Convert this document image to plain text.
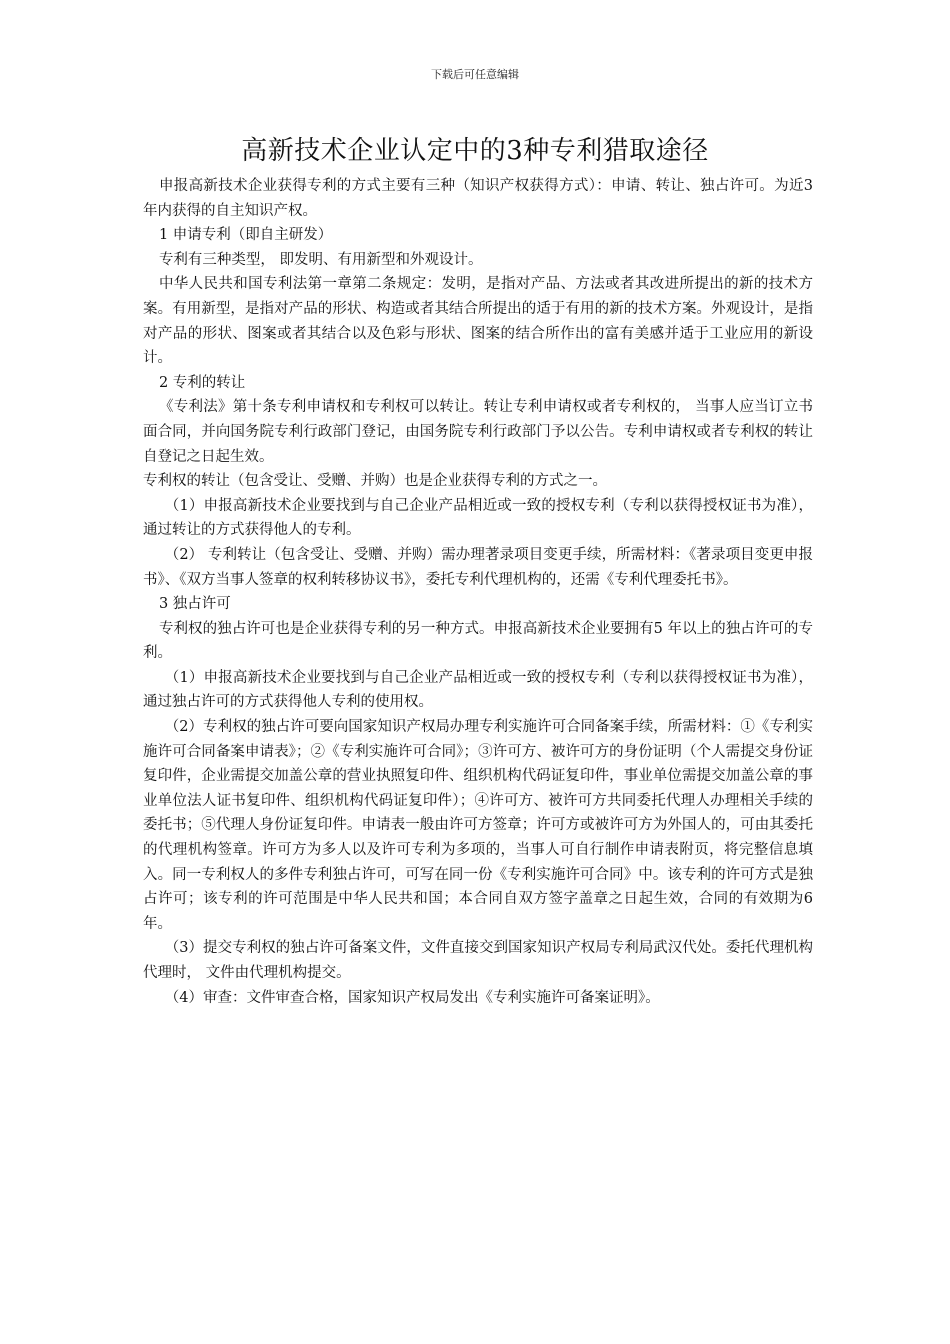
下载后可任意编辑
高新技术企业认定中的3种专利猎取途径

申报高新技术企业获得专利的方式主要有三种（知识产权获得方式）：申请、转让、独占许可。为近3年内获得的自主知识产权。

1 申请专利（即自主研发）

专利有三种类型， 即发明、有用新型和外观设计。

中华人民共和国专利法第一章第二条规定：发明，是指对产品、方法或者其改进所提出的新的技术方案。有用新型，是指对产品的形状、构造或者其结合所提出的适于有用的新的技术方案。外观设计，是指对产品的形状、图案或者其结合以及色彩与形状、图案的结合所作出的富有美感并适于工业应用的新设计。

2 专利的转让

《专利法》第十条专利申请权和专利权可以转让。转让专利申请权或者专利权的， 当事人应当订立书面合同，并向国务院专利行政部门登记，由国务院专利行政部门予以公告。专利申请权或者专利权的转让自登记之日起生效。

专利权的转让（包含受让、受赠、并购）也是企业获得专利的方式之一。

（1）申报高新技术企业要找到与自己企业产品相近或一致的授权专利（专利以获得授权证书为准）， 通过转让的方式获得他人的专利。

（2） 专利转让（包含受让、受赠、并购）需办理著录项目变更手续，所需材料：《著录项目变更申报书》、《双方当事人签章的权利转移协议书》，委托专利代理机构的，还需《专利代理委托书》。

3 独占许可

专利权的独占许可也是企业获得专利的另一种方式。申报高新技术企业要拥有5 年以上的独占许可的专利。

（1）申报高新技术企业要找到与自己企业产品相近或一致的授权专利（专利以获得授权证书为准）， 通过独占许可的方式获得他人专利的使用权。

（2）专利权的独占许可要向国家知识产权局办理专利实施许可合同备案手续，所需材料：①《专利实施许可合同备案申请表》；②《专利实施许可合同》；③许可方、被许可方的身份证明（个人需提交身份证复印件，企业需提交加盖公章的营业执照复印件、组织机构代码证复印件，事业单位需提交加盖公章的事业单位法人证书复印件、组织机构代码证复印件）；④许可方、被许可方共同委托代理人办理相关手续的委托书；⑤代理人身份证复印件。申请表一般由许可方签章；许可方或被许可方为外国人的，可由其委托的代理机构签章。许可方为多人以及许可专利为多项的，当事人可自行制作申请表附页，将完整信息填入。同一专利权人的多件专利独占许可，可写在同一份《专利实施许可合同》中。该专利的许可方式是独占许可；该专利的许可范围是中华人民共和国；本合同自双方签字盖章之日起生效，合同的有效期为6 年。

（3）提交专利权的独占许可备案文件，文件直接交到国家知识产权局专利局武汉代处。委托代理机构代理时， 文件由代理机构提交。

（4）审查：文件审查合格，国家知识产权局发出《专利实施许可备案证明》。
